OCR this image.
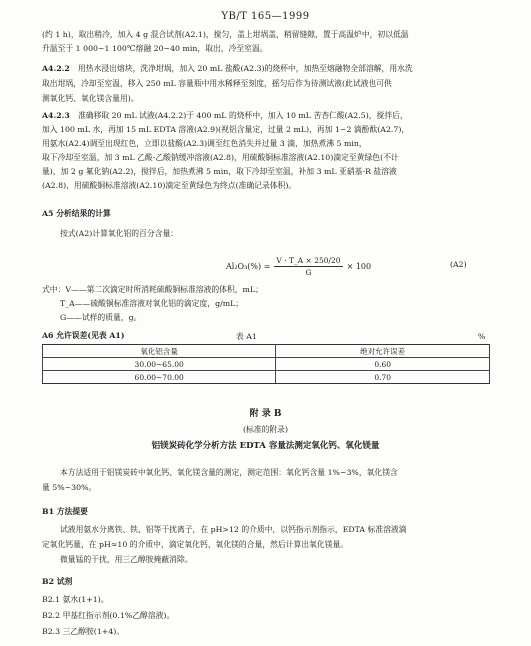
YB/T 165—1999
(约 1 h)，取出稍冷，加入 4 g 混合试剂(A2.1)，搅匀，盖上坩埚盖，稍留缝隙，置于高温炉中，初以低温
升温至于 1 000~1 100℃熔融 20~40 min，取出，冷至室温。
A4.2.2 用热水浸出熔块，洗净坩埚，加入 20 mL 盐酸(A2.3)的烧杯中，加热至熔融物全部溶解，用水洗
取出坩埚，冷却至室温，移入 250 mL 容量瓶中用水稀释至刻度，摇匀后作为待测试液(此试液也可供
测氧化钙、氧化镁含量用)。
A4.2.3 准确移取 20 mL 试液(A4.2.2)于 400 mL 的烧杯中，加入 10 mL 苦杏仁酸(A2.5)，搅拌后，
加入 100 mL 水，再加 15 mL EDTA 溶液(A2.9)(视铝含量定，过量 2 mL)，再加 1~2 滴酚酞(A2.7)，
用氨水(A2.4)调至出现红色，立即以盐酸(A2.3)调至红色消失并过量 3 滴，加热煮沸 5 min，
取下冷却至室温，加 3 mL 乙酸-乙酸钠缓冲溶液(A2.8)，用硫酸铜标准溶液(A2.10)滴定至黄绿色(不计
量)，加 2 g 氟化钠(A2.2)，搅拌后，加热煮沸 5 min，取下冷却至室温，补加 3 mL 亚硝基-R 盐溶液
(A2.8)，用硫酸铜标准溶液(A2.10)滴定至黄绿色为终点(准确记录体积)。
A5 分析结果的计算
按式(A2)计算氧化铝的百分含量：
$Al_2O_3(\%) = \frac{V \cdot T\_A \times 250/20}{G} \times 100$	(A2)
式中：V——第二次滴定时所消耗硫酸铜标准溶液的体积，mL；
T_A——硫酸铜标准溶液对氧化铝的滴定度，g/mL；
G——试样的质量，g。
A6 允许误差(见表 A1)	表 A1	%
氧化铝含量	绝对允许误差
30.00~65.00	0.60
60.00~70.00	0.70
附 录 B
(标准的附录)
铝镁炭砖化学分析方法 EDTA 容量法测定氧化钙、氧化镁量
本方法适用于铝镁炭砖中氧化钙、氧化镁含量的测定，测定范围：氧化钙含量 1%~3%，氧化镁含
量 5%~30%。
B1 方法提要
试液用氨水分离铁、铁、铝等干扰离子，在 pH>12 的介质中，以钙指示剂指示，EDTA 标准溶液滴
定氧化钙量，在 pH≈10 的介质中，滴定氧化钙、氧化镁的合量，然后计算出氧化镁量。
微量锰的干扰，用三乙醇胺掩蔽消除。
B2 试剂
B2.1 氨水(1+1)。
B2.2 甲基红指示剂(0.1%乙醇溶液)。
B2.3 三乙醇胺(1+4)。
